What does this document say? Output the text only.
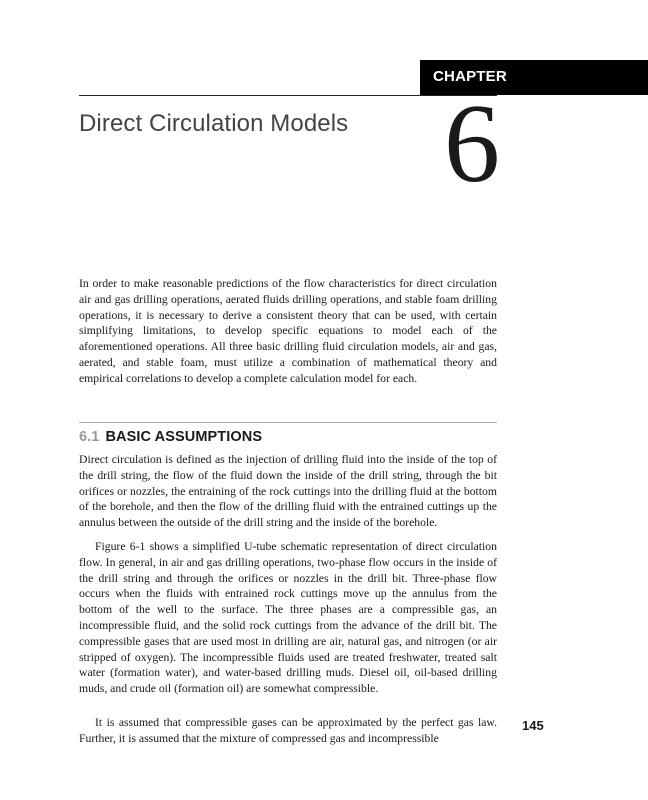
CHAPTER
Direct Circulation Models 6

In order to make reasonable predictions of the flow characteristics for direct circulation air and gas drilling operations, aerated fluids drilling operations, and stable foam drilling operations, it is necessary to derive a consistent theory that can be used, with certain simplifying limitations, to develop specific equations to model each of the aforementioned operations. All three basic drilling fluid circulation models, air and gas, aerated, and stable foam, must utilize a combination of mathematical theory and empirical correlations to develop a complete calculation model for each.

6.1 BASIC ASSUMPTIONS

Direct circulation is defined as the injection of drilling fluid into the inside of the top of the drill string, the flow of the fluid down the inside of the drill string, through the bit orifices or nozzles, the entraining of the rock cuttings into the drilling fluid at the bottom of the borehole, and then the flow of the drilling fluid with the entrained cuttings up the annulus between the outside of the drill string and the inside of the borehole.

Figure 6-1 shows a simplified U-tube schematic representation of direct circulation flow. In general, in air and gas drilling operations, two-phase flow occurs in the inside of the drill string and through the orifices or nozzles in the drill bit. Three-phase flow occurs when the fluids with entrained rock cuttings move up the annulus from the bottom of the well to the surface. The three phases are a compressible gas, an incompressible fluid, and the solid rock cuttings from the advance of the drill bit. The compressible gases that are used most in drilling are air, natural gas, and nitrogen (or air stripped of oxygen). The incompressible fluids used are treated freshwater, treated salt water (formation water), and water-based drilling muds. Diesel oil, oil-based drilling muds, and crude oil (formation oil) are somewhat compressible.

It is assumed that compressible gases can be approximated by the perfect gas law. Further, it is assumed that the mixture of compressed gas and incompressible

145
